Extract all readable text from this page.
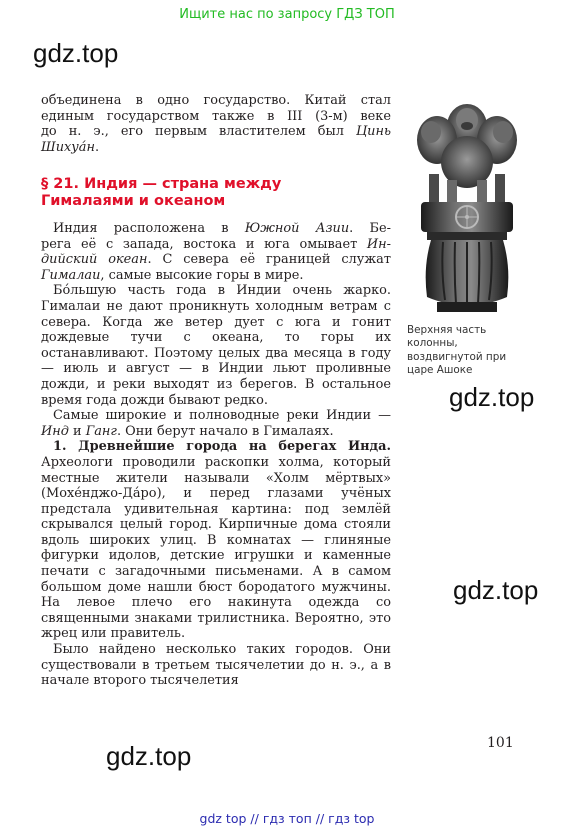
Ищите нас по запросу ГДЗ ТОП
gdz.top
gdz.top
gdz.top
gdz.top

объединена в одно государство. Китай стал

единым государством также в III (3-м) веке

до н. э., его первым властителем был Цинь

Шихуа́н.

§ 21. Индия — страна между
Гималаями и океаном

Индия расположена в Южной Азии. Бе-

рега её с запада, востока и юга омывает Ин-

дийский океан. С севера её границей служат

Гималаи, самые высокие горы в мире.

Бо́льшую часть года в Индии очень жарко. Гималаи не дают проникнуть холодным ветрам с севера. Когда же ветер дует с юга и гонит дождевые тучи с океана, то горы их останавливают. Поэтому целых два месяца в году — июль и август — в Индии льют проливные дожди, и реки выходят из берегов. В остальное время года дожди бывают редко.

Самые широкие и полноводные реки Индии — Инд и Ганг. Они берут начало в Гималаях.

1. Древнейшие города на берегах Инда. Археологи проводили раскопки холма, который местные жители называли «Холм мёртвых» (Мохе́нджо-Да́ро), и перед глазами учёных предстала удивительная картина: под землёй скрывался целый город. Кирпичные дома стояли вдоль широких улиц. В комнатах — глиняные фигурки идолов, детские игрушки и каменные печати с загадочными письменами. А в самом большом доме нашли бюст бородатого мужчины. На левое плечо его накинута одежда со священными знаками трилистника. Вероятно, это жрец или правитель.

Было найдено несколько таких городов. Они существовали в третьем тысячелетии до н. э., а в начале второго тысячелетия

Верхняя часть колонны, воздвигнутой при царе Ашоке
101
gdz top // гдз топ // гдз top
